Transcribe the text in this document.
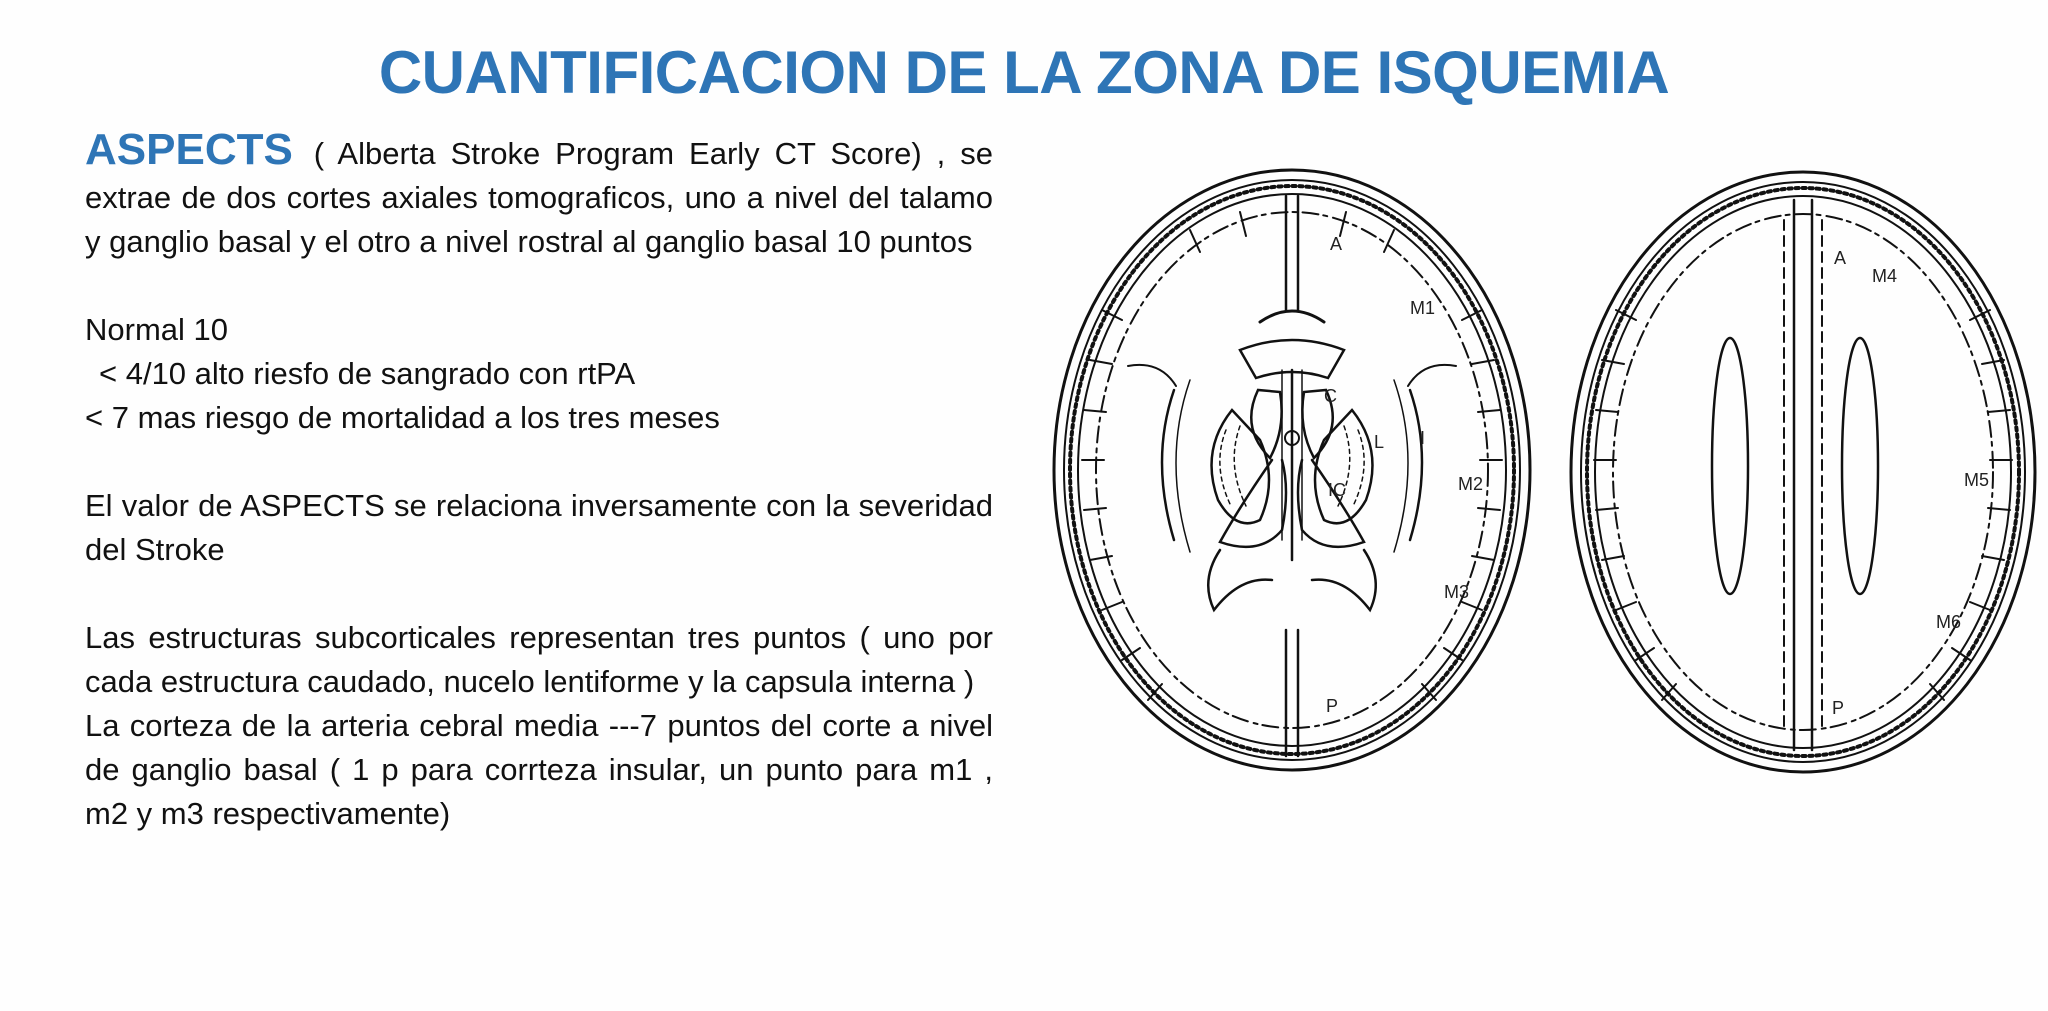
CUANTIFICACION DE LA ZONA DE ISQUEMIA

ASPECTS ( Alberta Stroke Program Early CT Score) , se extrae de dos cortes axiales tomograficos, uno a nivel del talamo y ganglio basal y el otro a nivel rostral al ganglio basal 10 puntos

Normal 10

< 4/10 alto riesfo de sangrado con rtPA

< 7 mas riesgo de mortalidad a los tres meses

El valor de ASPECTS se relaciona inversamente con la severidad del Stroke

Las estructuras subcorticales representan tres puntos ( uno por cada estructura caudado, nucelo lentiforme y la capsula interna )

La corteza de la arteria cebral media ---7 puntos del corte a nivel de ganglio basal ( 1 p para corrteza insular, un punto para m1 , m2 y m3 respectivamente)

A
M1
C
L I
IC	M2
M3
P
A
M4
M5
M6
P
